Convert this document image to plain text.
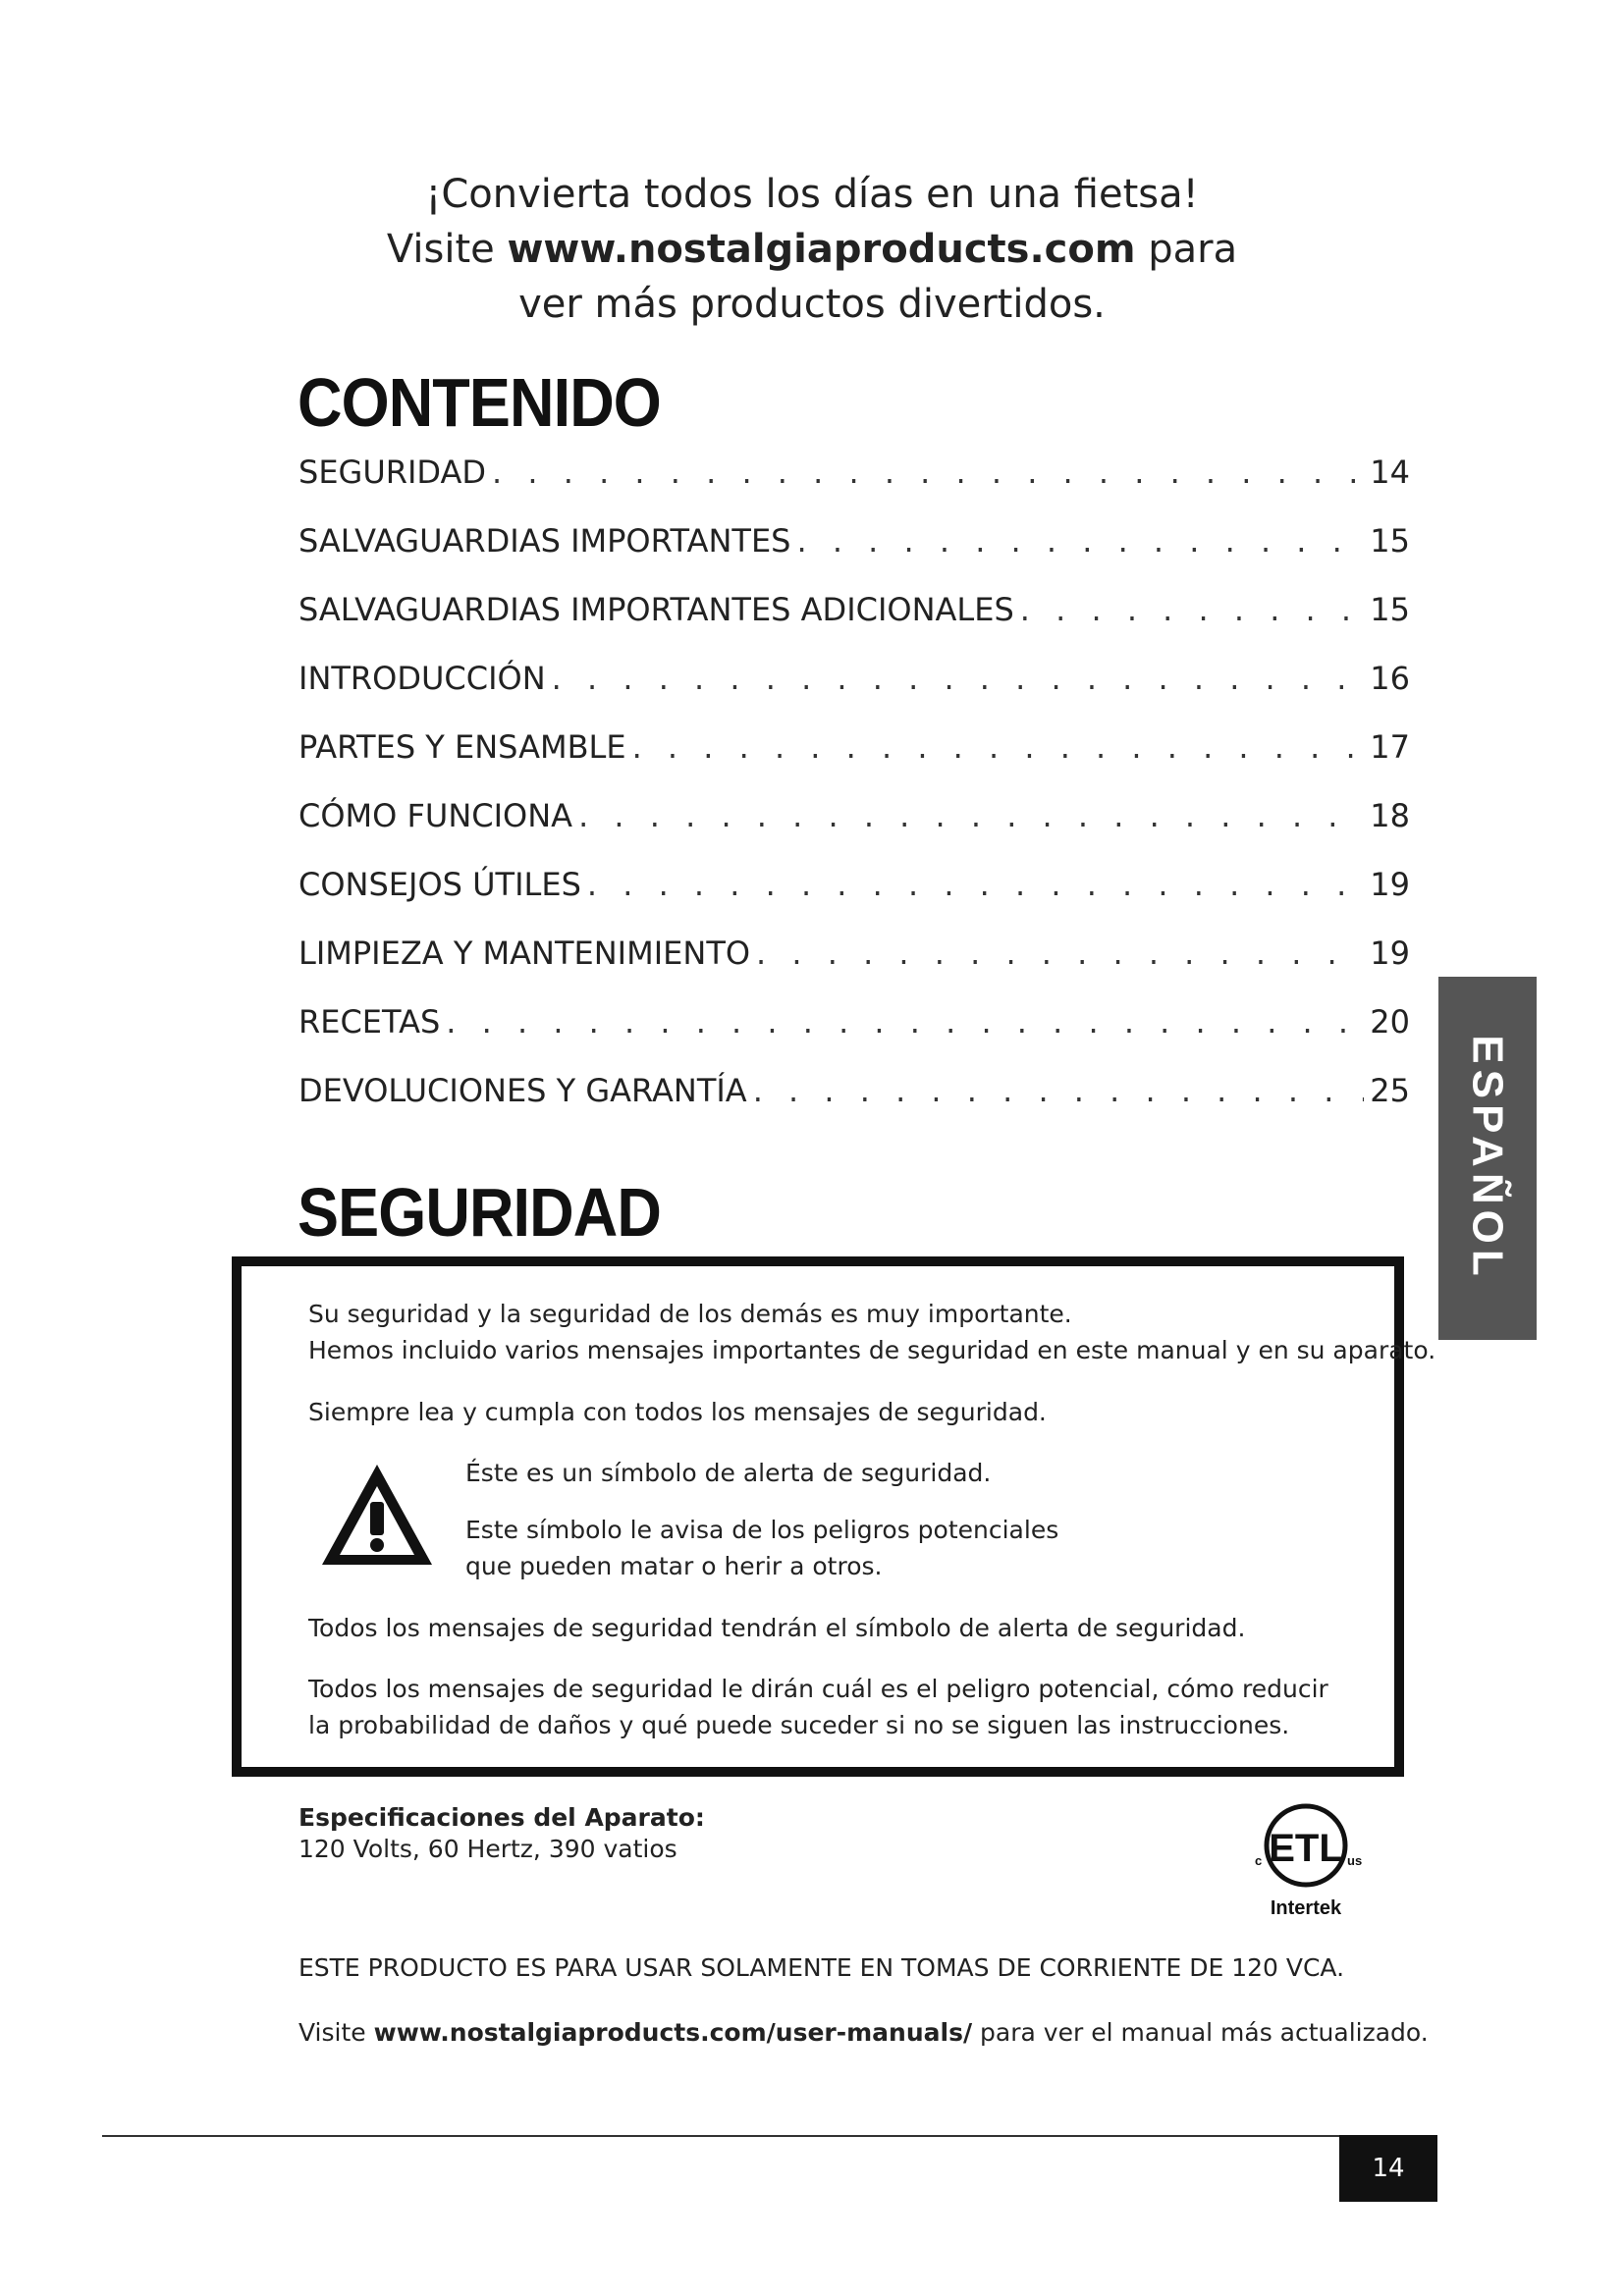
¡Convierta todos los días en una fietsa!
Visite www.nostalgiaproducts.com para
ver más productos divertidos.
CONTENIDO
SEGURIDAD . . .	14
SALVAGUARDIAS IMPORTANTES . . .	15
SALVAGUARDIAS IMPORTANTES ADICIONALES . . .	15
INTRODUCCIÓN . . .	16
PARTES Y ENSAMBLE . . .	17
CÓMO FUNCIONA . . .	18
CONSEJOS ÚTILES . . .	19
LIMPIEZA Y MANTENIMIENTO . . .	19
RECETAS . . .	20
DEVOLUCIONES Y GARANTÍA . . .	25 ESPAÑOL
SEGURIDAD
Su seguridad y la seguridad de los demás es muy importante.
Hemos incluido varios mensajes importantes de seguridad en este manual y en su aparato.
Siempre lea y cumpla con todos los mensajes de seguridad.
Éste es un símbolo de alerta de seguridad.
Este símbolo le avisa de los peligros potenciales
que pueden matar o herir a otros.
Todos los mensajes de seguridad tendrán el símbolo de alerta de seguridad.
Todos los mensajes de seguridad le dirán cuál es el peligro potencial, cómo reducir
la probabilidad de daños y qué puede suceder si no se siguen las instrucciones.
Especificaciones del Aparato:
120 Volts, 60 Hertz, 390 vatios	ETL
c	us
Intertek
ESTE PRODUCTO ES PARA USAR SOLAMENTE EN TOMAS DE CORRIENTE DE 120 VCA.
Visite www.nostalgiaproducts.com/user-manuals/ para ver el manual más actualizado.
14
